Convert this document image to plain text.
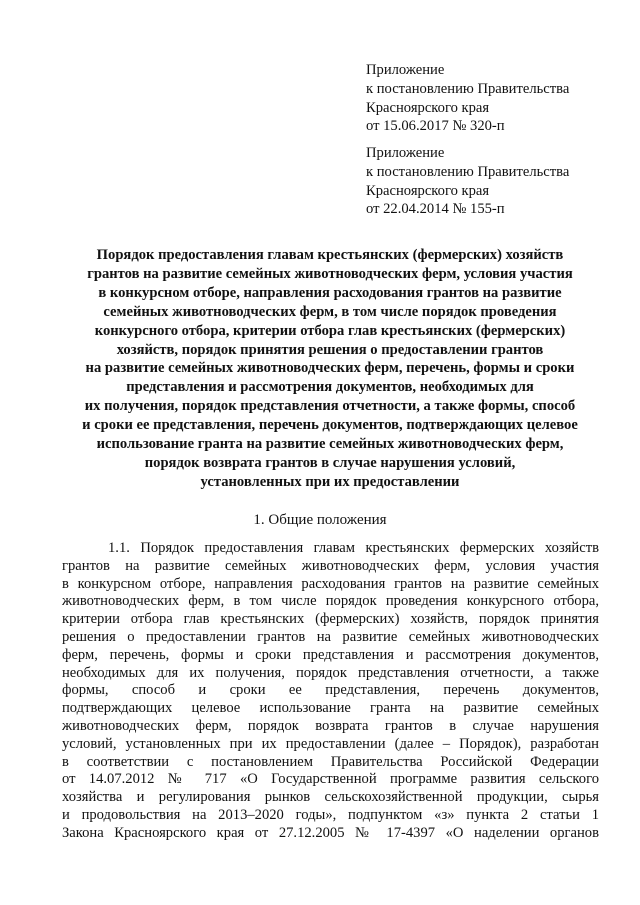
Приложение
к постановлению Правительства
Красноярского края
от 15.06.2017 № 320-п
Приложение
к постановлению Правительства
Красноярского края
от 22.04.2014 № 155-п
Порядок предоставления главам крестьянских (фермерских) хозяйств
грантов на развитие семейных животноводческих ферм, условия участия
в конкурсном отборе, направления расходования грантов на развитие
семейных животноводческих ферм, в том числе порядок проведения
конкурсного отбора, критерии отбора глав крестьянских (фермерских)
хозяйств, порядок принятия решения о предоставлении грантов
на развитие семейных животноводческих ферм, перечень, формы и сроки
представления и рассмотрения документов, необходимых для
их получения, порядок представления отчетности, а также формы, способ
и сроки ее представления, перечень документов, подтверждающих целевое
использование гранта на развитие семейных животноводческих ферм,
порядок возврата грантов в случае нарушения условий,
установленных при их предоставлении
1. Общие положения
1.1. Порядок предоставления главам крестьянских фермерских хозяйств
грантов на развитие семейных животноводческих ферм, условия участия
в конкурсном отборе, направления расходования грантов на развитие семейных
животноводческих ферм, в том числе порядок проведения конкурсного отбора,
критерии отбора глав крестьянских (фермерских) хозяйств, порядок принятия
решения о предоставлении грантов на развитие семейных животноводческих
ферм, перечень, формы и сроки представления и рассмотрения документов,
необходимых для их получения, порядок представления отчетности, а также
формы, способ и сроки ее представления, перечень документов,
подтверждающих целевое использование гранта на развитие семейных
животноводческих ферм, порядок возврата грантов в случае нарушения
условий, установленных при их предоставлении (далее – Порядок), разработан
в соответствии с постановлением Правительства Российской Федерации
от 14.07.2012 № 717 «О Государственной программе развития сельского
хозяйства и регулирования рынков сельскохозяйственной продукции, сырья
и продовольствия на 2013–2020 годы», подпунктом «з» пункта 2 статьи 1
Закона Красноярского края от 27.12.2005 № 17-4397 «О наделении органов
